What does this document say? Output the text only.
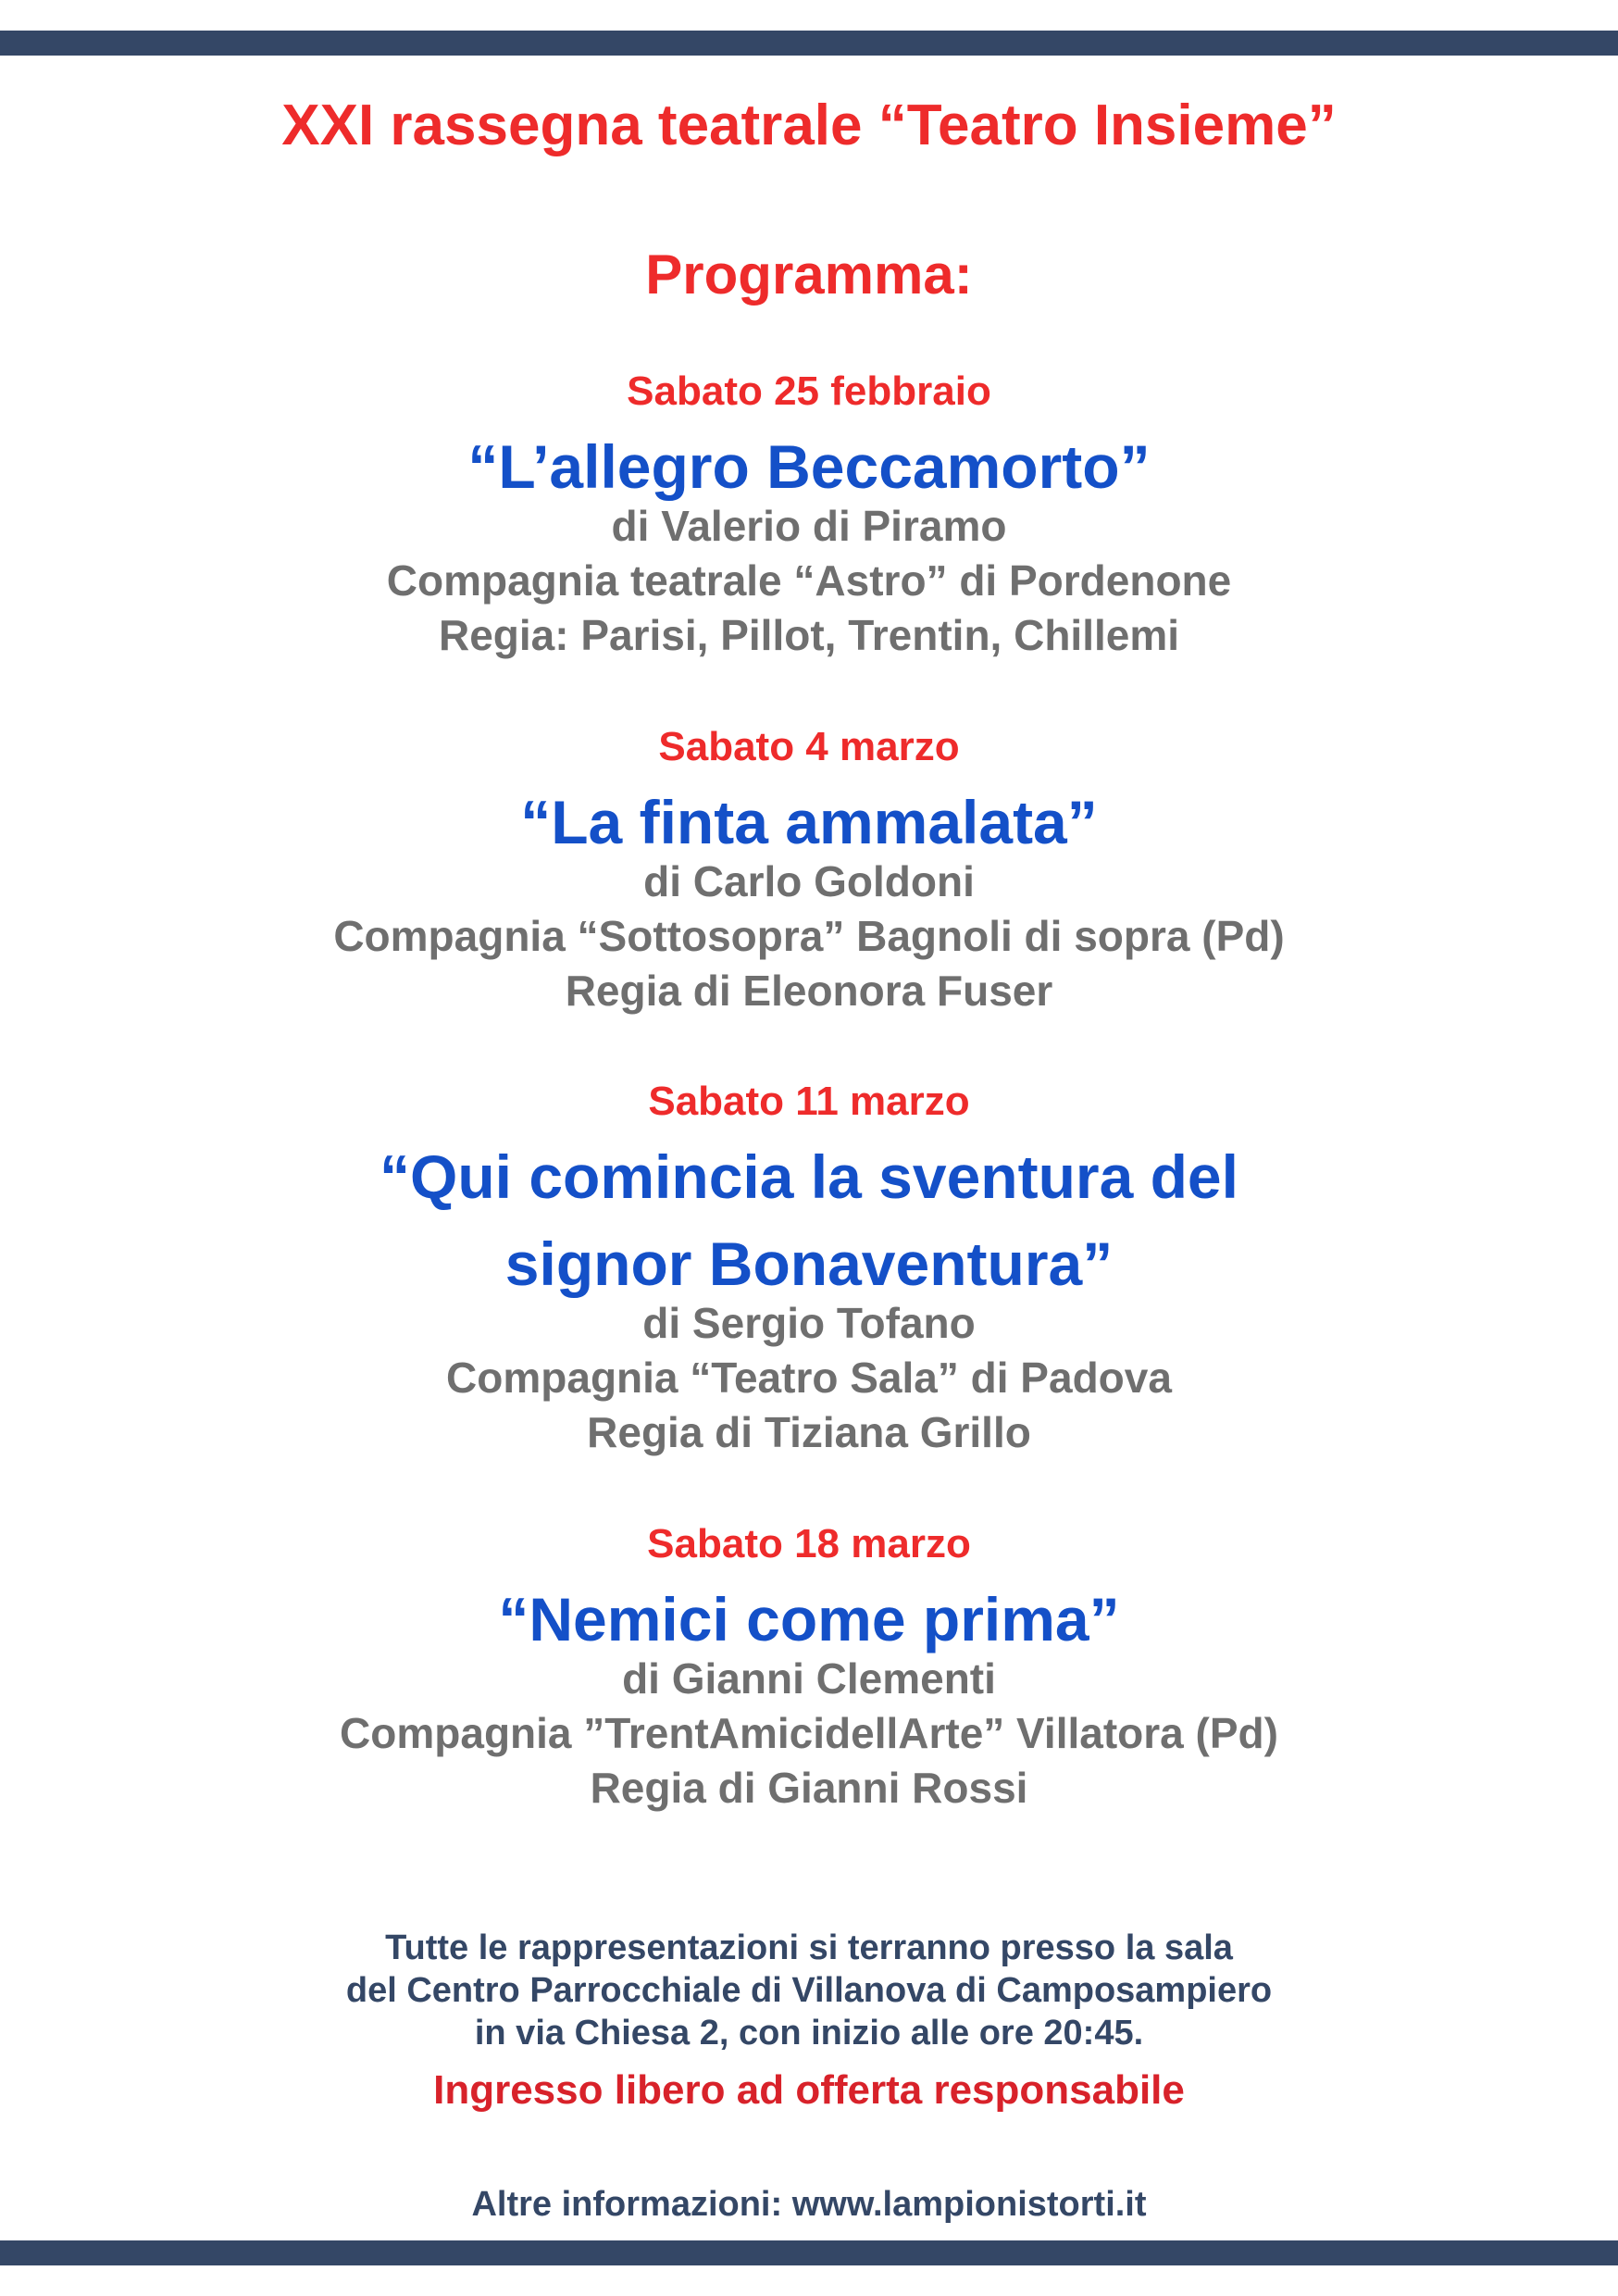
XXI rassegna teatrale “Teatro Insieme”
Programma:

Sabato 25 febbraio

“L’allegro Beccamorto”

di Valerio di Piramo

Compagnia teatrale “Astro” di Pordenone

Regia: Parisi, Pillot, Trentin, Chillemi

Sabato 4 marzo

“La finta ammalata”

di Carlo Goldoni

Compagnia “Sottosopra” Bagnoli di sopra (Pd)

Regia di Eleonora Fuser

Sabato 11 marzo

“Qui comincia la sventura del

signor Bonaventura”

di Sergio Tofano

Compagnia “Teatro Sala” di Padova

Regia di Tiziana Grillo

Sabato 18 marzo

“Nemici come prima”

di Gianni Clementi

Compagnia ”TrentAmicidellArte” Villatora (Pd)

Regia di Gianni Rossi

Tutte le rappresentazioni si terranno presso la sala

del Centro Parrocchiale di Villanova di Camposampiero

in via Chiesa 2, con inizio alle ore 20:45.

Ingresso libero ad offerta responsabile

Altre informazioni: www.lampionistorti.it
